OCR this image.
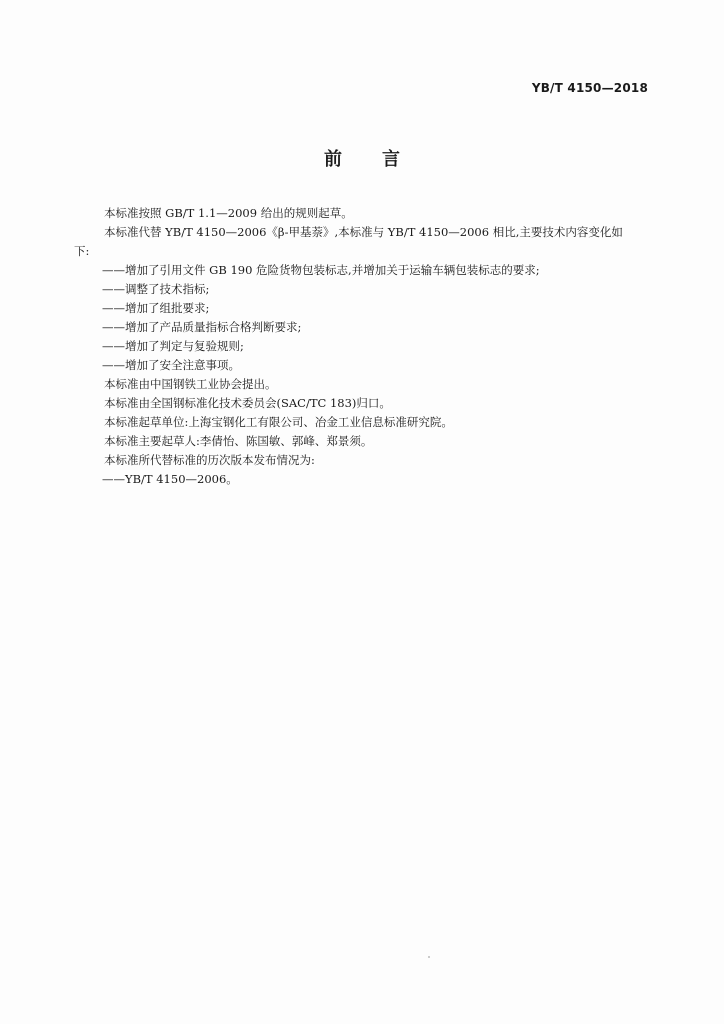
YB/T 4150—2018
前言

本标准按照 GB/T 1.1—2009 给出的规则起草。

本标准代替 YB/T 4150—2006《β-甲基萘》,本标准与 YB/T 4150—2006 相比,主要技术内容变化如

下:

——增加了引用文件 GB 190 危险货物包装标志,并增加关于运输车辆包装标志的要求;

——调整了技术指标;

——增加了组批要求;

——增加了产品质量指标合格判断要求;

——增加了判定与复验规则;

——增加了安全注意事项。

本标准由中国钢铁工业协会提出。

本标准由全国钢标准化技术委员会(SAC/TC 183)归口。

本标准起草单位:上海宝钢化工有限公司、冶金工业信息标准研究院。

本标准主要起草人:李倩怡、陈国敏、郭峰、郑景须。

本标准所代替标准的历次版本发布情况为:

——YB/T 4150—2006。
